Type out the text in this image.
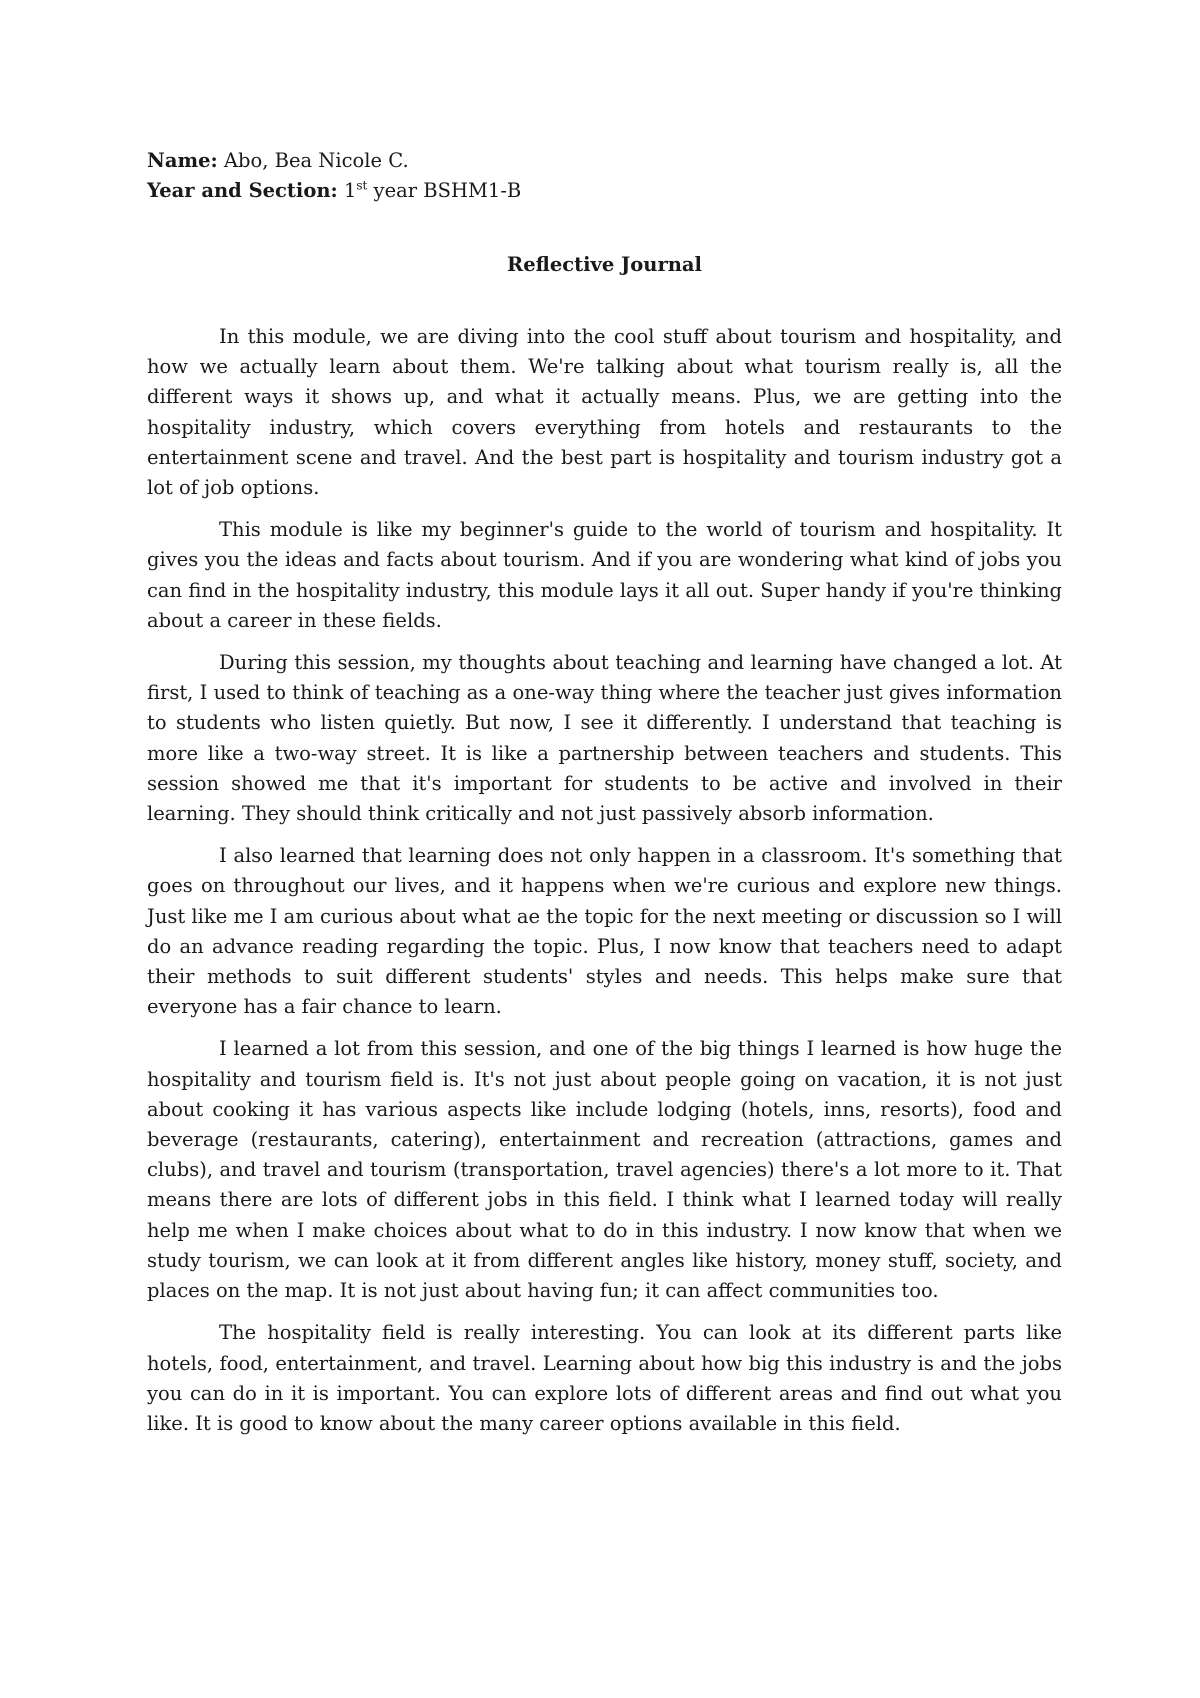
Name: Abo, Bea Nicole C.

Year and Section: 1st year BSHM1-B

Reflective Journal

In this module, we are diving into the cool stuff about tourism and hospitality, and how we actually learn about them. We're talking about what tourism really is, all the different ways it shows up, and what it actually means. Plus, we are getting into the hospitality industry, which covers everything from hotels and restaurants to the entertainment scene and travel. And the best part is hospitality and tourism industry got a lot of job options.

This module is like my beginner's guide to the world of tourism and hospitality. It gives you the ideas and facts about tourism. And if you are wondering what kind of jobs you can find in the hospitality industry, this module lays it all out. Super handy if you're thinking about a career in these fields.

During this session, my thoughts about teaching and learning have changed a lot. At first, I used to think of teaching as a one-way thing where the teacher just gives information to students who listen quietly. But now, I see it differently. I understand that teaching is more like a two-way street. It is like a partnership between teachers and students. This session showed me that it's important for students to be active and involved in their learning. They should think critically and not just passively absorb information.

I also learned that learning does not only happen in a classroom. It's something that goes on throughout our lives, and it happens when we're curious and explore new things. Just like me I am curious about what ae the topic for the next meeting or discussion so I will do an advance reading regarding the topic. Plus, I now know that teachers need to adapt their methods to suit different students' styles and needs. This helps make sure that everyone has a fair chance to learn.

I learned a lot from this session, and one of the big things I learned is how huge the hospitality and tourism field is. It's not just about people going on vacation, it is not just about cooking it has various aspects like include lodging (hotels, inns, resorts), food and beverage (restaurants, catering), entertainment and recreation (attractions, games and clubs), and travel and tourism (transportation, travel agencies) there's a lot more to it. That means there are lots of different jobs in this field. I think what I learned today will really help me when I make choices about what to do in this industry. I now know that when we study tourism, we can look at it from different angles like history, money stuff, society, and places on the map. It is not just about having fun; it can affect communities too.

The hospitality field is really interesting. You can look at its different parts like hotels, food, entertainment, and travel. Learning about how big this industry is and the jobs you can do in it is important. You can explore lots of different areas and find out what you like. It is good to know about the many career options available in this field.
